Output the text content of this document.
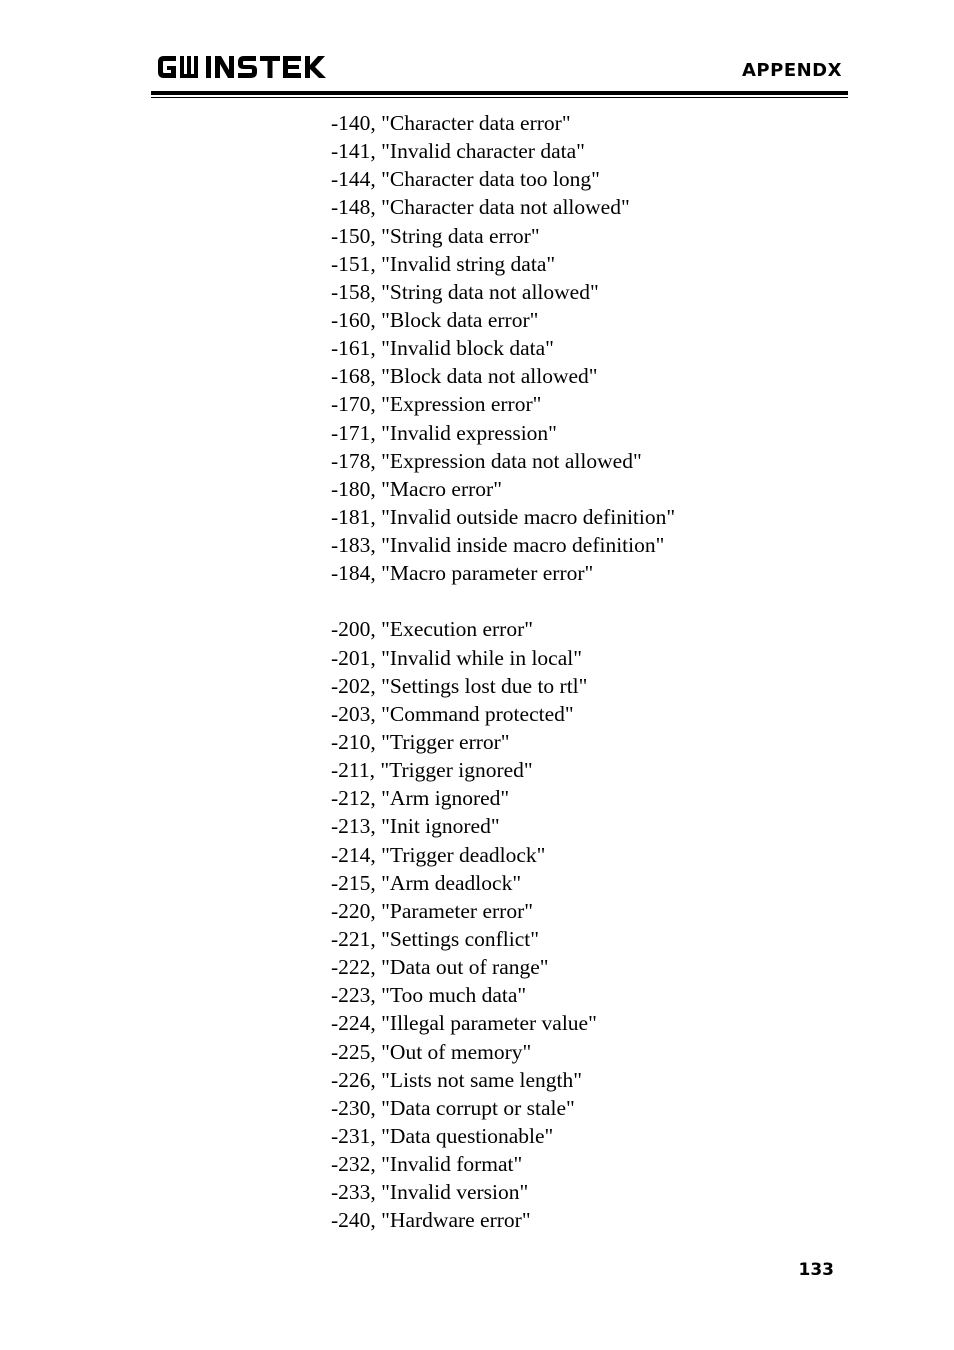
APPENDX
-140, "Character data error"
-141, "Invalid character data"
-144, "Character data too long"
-148, "Character data not allowed"
-150, "String data error"
-151, "Invalid string data"
-158, "String data not allowed"
-160, "Block data error"
-161, "Invalid block data"
-168, "Block data not allowed"
-170, "Expression error"
-171, "Invalid expression"
-178, "Expression data not allowed"
-180, "Macro error"
-181, "Invalid outside macro definition"
-183, "Invalid inside macro definition"
-184, "Macro parameter error"
-200, "Execution error"
-201, "Invalid while in local"
-202, "Settings lost due to rtl"
-203, "Command protected"
-210, "Trigger error"
-211, "Trigger ignored"
-212, "Arm ignored"
-213, "Init ignored"
-214, "Trigger deadlock"
-215, "Arm deadlock"
-220, "Parameter error"
-221, "Settings conflict"
-222, "Data out of range"
-223, "Too much data"
-224, "Illegal parameter value"
-225, "Out of memory"
-226, "Lists not same length"
-230, "Data corrupt or stale"
-231, "Data questionable"
-232, "Invalid format"
-233, "Invalid version"
-240, "Hardware error"
133
